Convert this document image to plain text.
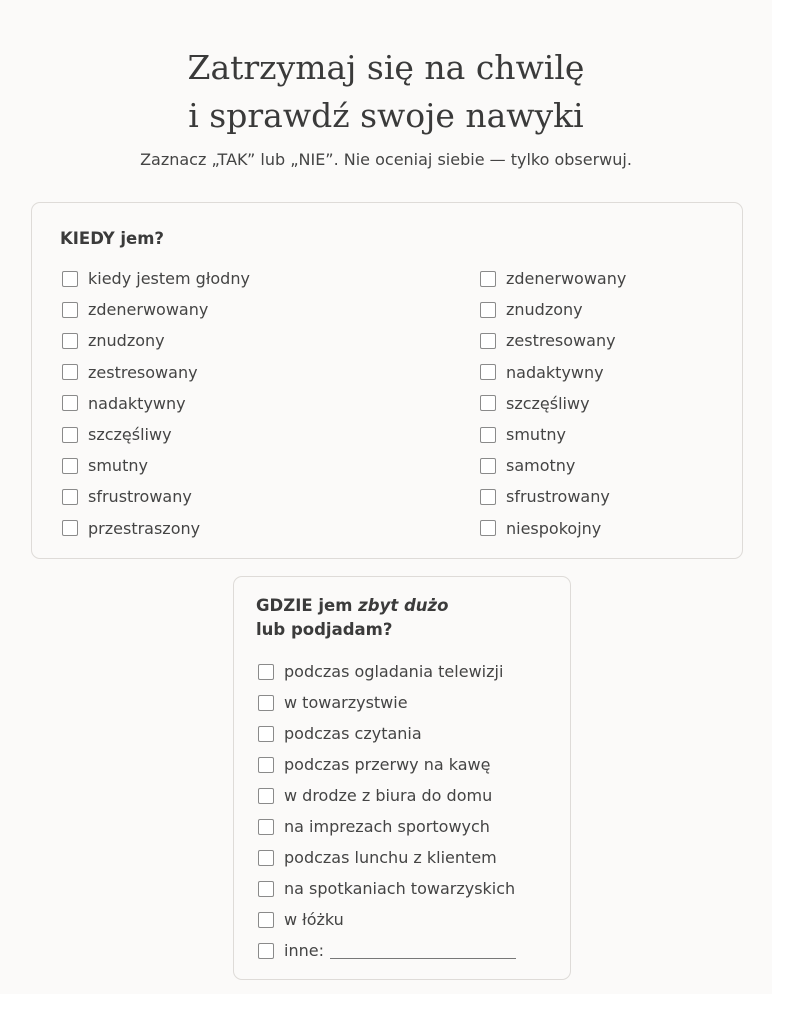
Zatrzymaj się na chwilę
i sprawdź swoje nawyki
Zaznacz „TAK” lub „NIE”. Nie oceniaj siebie — tylko obserwuj.
KIEDY jem?
kiedy jestem głodny
zdenerwowany
znudzony
zestresowany
nadaktywny
szczęśliwy
smutny
sfrustrowany
przestraszony
zdenerwowany
znudzony
zestresowany
nadaktywny
szczęśliwy
smutny
samotny
sfrustrowany
niespokojny
GDZIE jem zbyt dużo
lub podjadam?
podczas ogladania telewizji
w towarzystwie
podczas czytania
podczas przerwy na kawę
w drodze z biura do domu
na imprezach sportowych
podczas lunchu z klientem
na spotkaniach towarzyskich
w łóżku
inne:
